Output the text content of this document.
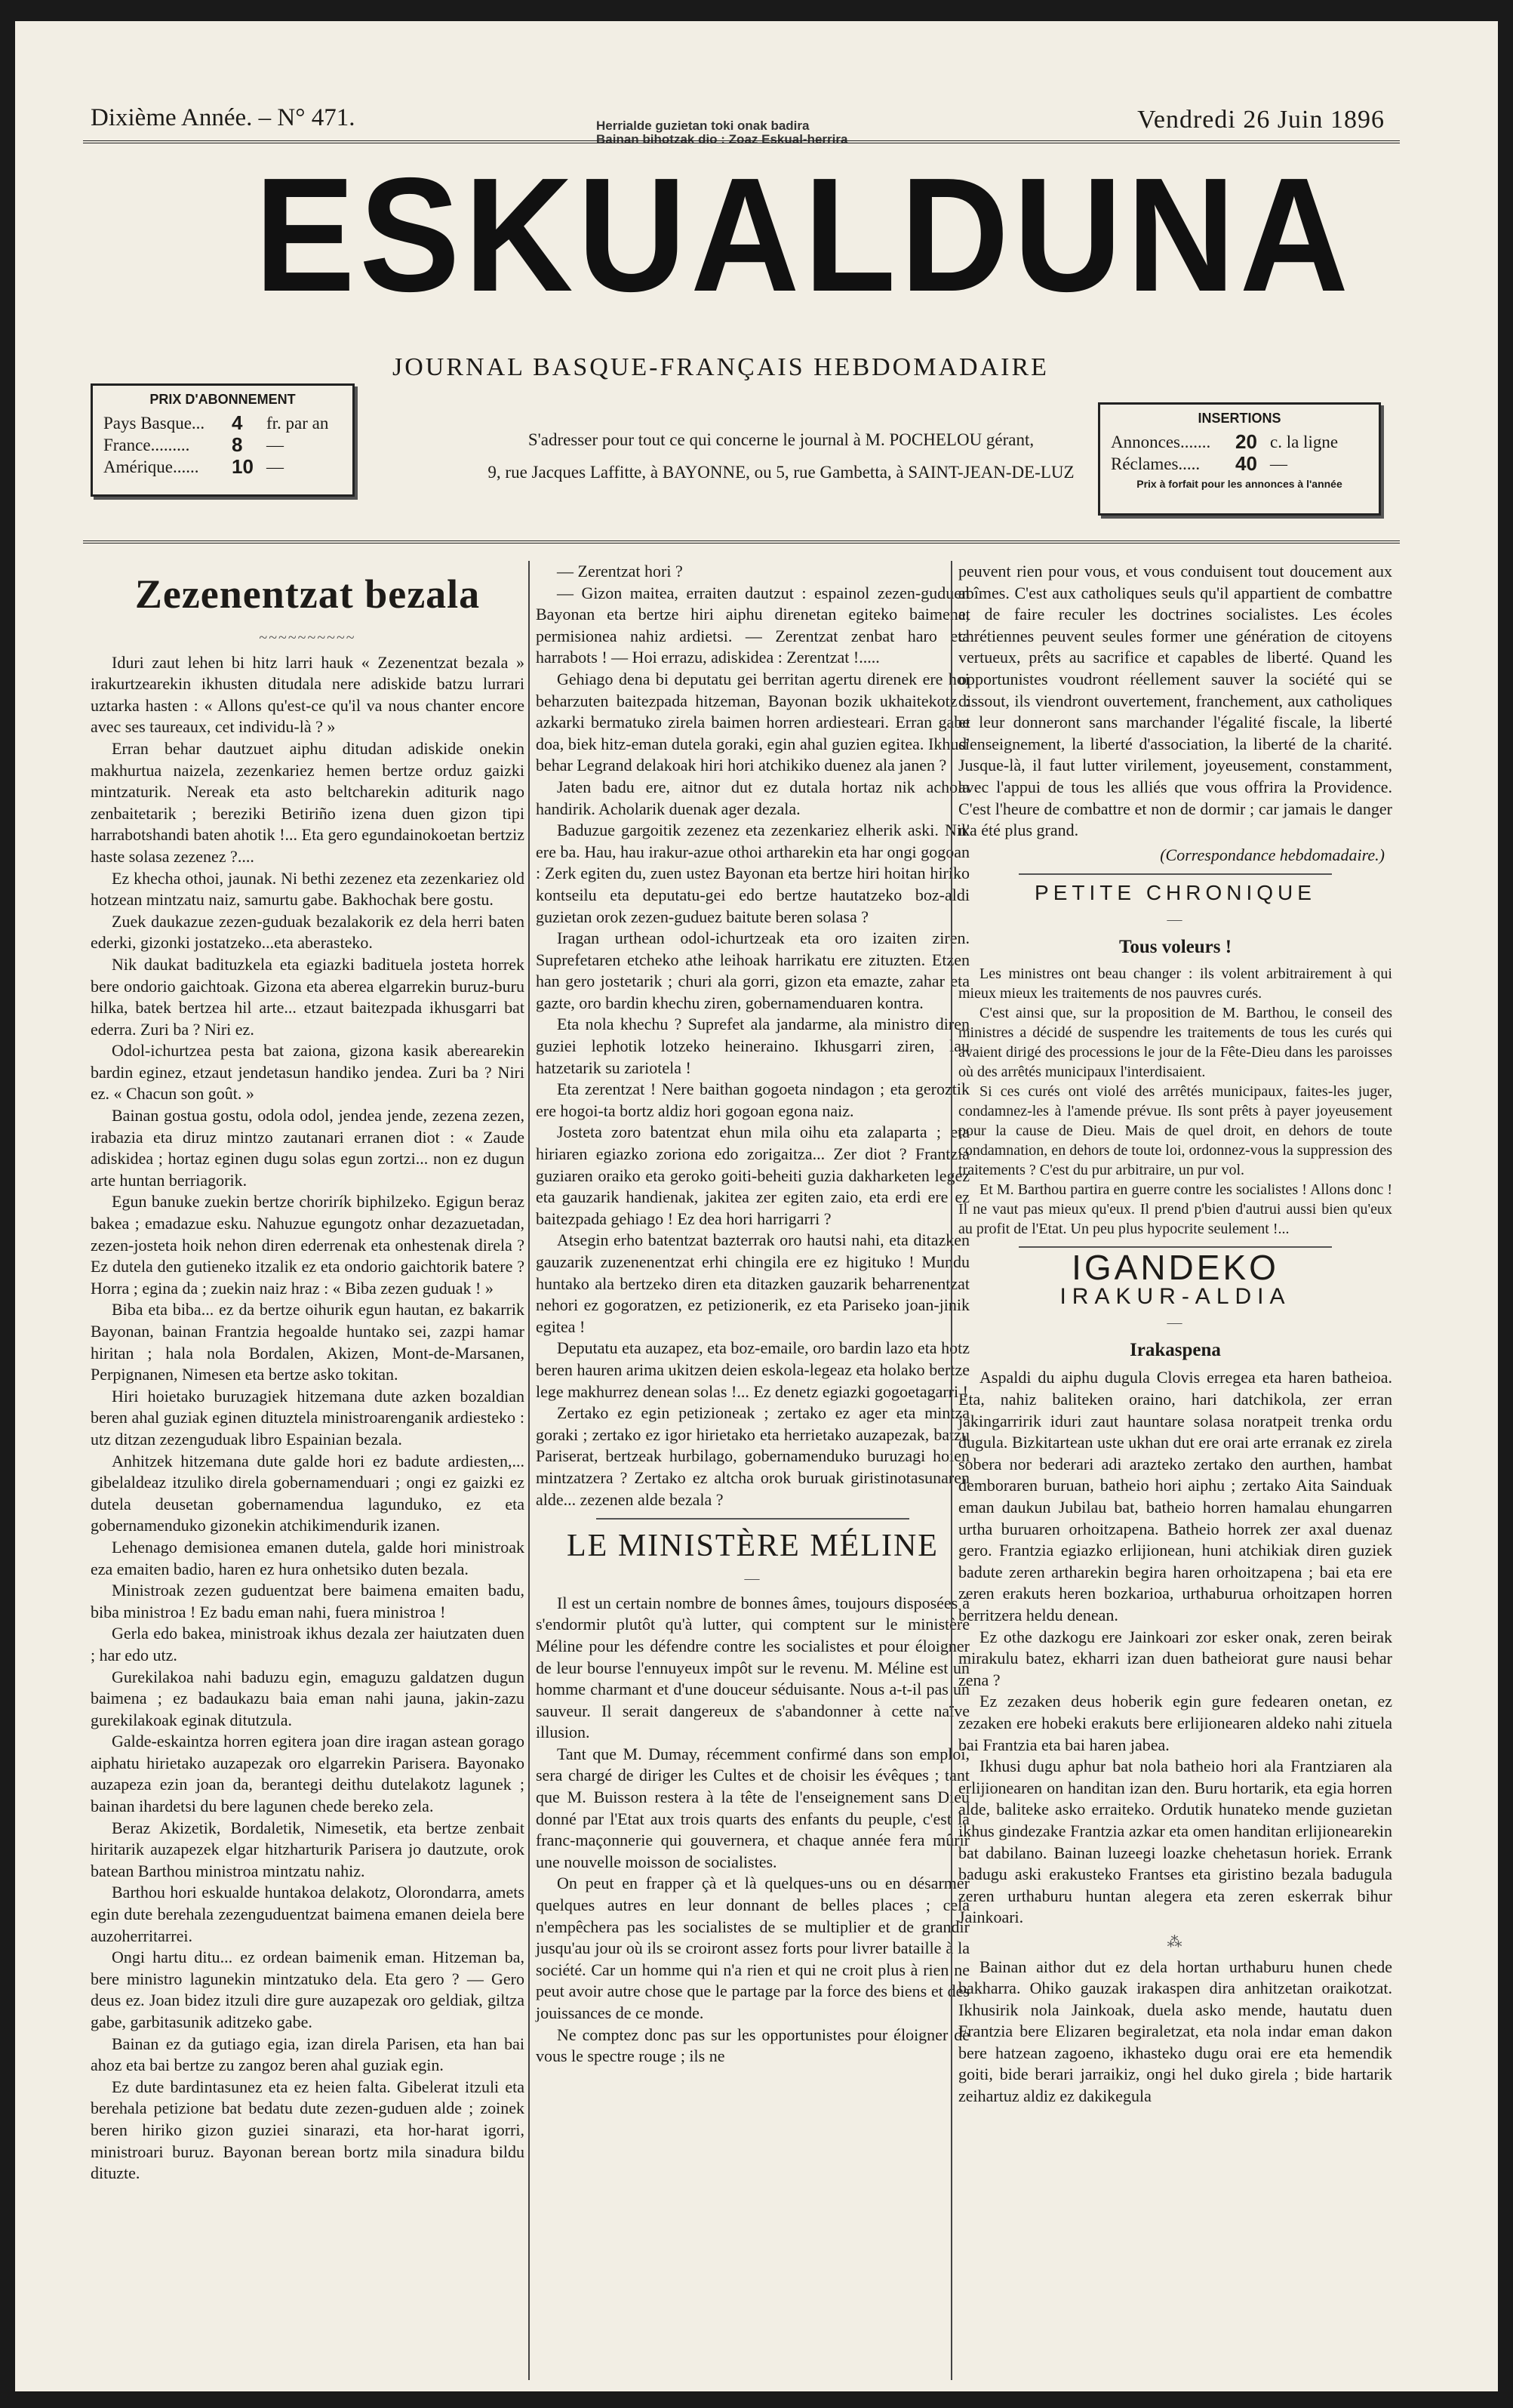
Dixième Année. – N° 471.	Herrialde guzietan toki onak badira
Bainan bihotzak dio : Zoaz Eskual-herrira
Vendredi 26 Juin 1896
ESKUALDUNA
JOURNAL BASQUE-FRANÇAIS HEBDOMADAIRE
PRIX D'ABONNEMENT
Pays Basque...	4	fr. par an
France.........	8	—
Amérique......	10 —
S'adresser pour tout ce qui concerne le journal à M. POCHELOU gérant,
9, rue Jacques Laffitte, à BAYONNE, ou 5, rue Gambetta, à SAINT-JEAN-DE-LUZ
INSERTIONS
Annonces.......	20 c. la ligne
Réclames.....	40 —
Prix à forfait pour les annonces à l'année
Zezenentzat bezala
~~~~~~~~~~

Iduri zaut lehen bi hitz larri hauk « Zezenentzat bezala » irakurtzearekin ikhusten ditudala nere adiskide batzu lurrari uztarka hasten : « Allons qu'est-ce qu'il va nous chanter encore avec ses taureaux, cet individu-là ? »

Erran behar dautzuet aiphu ditudan adiskide onekin makhurtua naizela, zezenkariez hemen bertze orduz gaizki mintzaturik. Nereak eta asto beltcharekin aditurik nago zenbaitetarik ; bereziki Betiriño izena duen gizon tipi harrabotshandi baten ahotik !... Eta gero egundainokoetan bertziz haste solasa zezenez ?....

Ez khecha othoi, jaunak. Ni bethi zezenez eta zezenkariez old hotzean mintzatu naiz, samurtu gabe. Bakhochak bere gostu.

Zuek daukazue zezen-guduak bezalakorik ez dela herri baten ederki, gizonki jostatzeko...eta aberasteko.

Nik daukat badituzkela eta egiazki badituela josteta horrek bere ondorio gaichtoak. Gizona eta aberea elgarrekin buruz-buru hilka, batek bertzea hil arte... etzaut baitezpada ikhusgarri bat ederra. Zuri ba ? Niri ez.

Odol-ichurtzea pesta bat zaiona, gizona kasik aberearekin bardin eginez, etzaut jendetasun handiko jendea. Zuri ba ? Niri ez. « Chacun son goût. »

Bainan gostua gostu, odola odol, jendea jende, zezena zezen, irabazia eta diruz mintzo zautanari erranen diot : « Zaude adiskidea ; hortaz eginen dugu solas egun zortzi... non ez dugun arte huntan berriagorik.

Egun banuke zuekin bertze chorirík biphilzeko. Egigun beraz bakea ; emadazue esku. Nahuzue egungotz onhar dezazuetadan, zezen-josteta hoik nehon diren ederrenak eta onhestenak direla ? Ez dutela den gutieneko itzalik ez eta ondorio gaichtorik batere ? Horra ; egina da ; zuekin naiz hraz : « Biba zezen guduak ! »

Biba eta biba... ez da bertze oihurik egun hautan, ez bakarrik Bayonan, bainan Frantzia hegoalde huntako sei, zazpi hamar hiritan ; hala nola Bordalen, Akizen, Mont-de-Marsanen, Perpignanen, Nimesen eta bertze asko tokitan.

Hiri hoietako buruzagiek hitzemana dute azken bozaldian beren ahal guziak eginen dituztela ministroarenganik ardiesteko : utz ditzan zezenguduak libro Espainian bezala.

Anhitzek hitzemana dute galde hori ez badute ardiesten,... gibelaldeaz itzuliko direla gobernamenduari ; ongi ez gaizki ez dutela deusetan gobernamendua lagunduko, ez eta gobernamenduko gizonekin atchikimendurik izanen.

Lehenago demisionea emanen dutela, galde hori ministroak eza emaiten badio, haren ez hura onhetsiko duten bezala.

Ministroak zezen guduentzat bere baimena emaiten badu, biba ministroa ! Ez badu eman nahi, fuera ministroa !

Gerla edo bakea, ministroak ikhus dezala zer haiutzaten duen ; har edo utz.

Gurekilakoa nahi baduzu egin, emaguzu galdatzen dugun baimena ; ez badaukazu baia eman nahi jauna, jakin-zazu gurekilakoak eginak ditutzula.

Galde-eskaintza horren egitera joan dire iragan astean gorago aiphatu hirietako auzapezak oro elgarrekin Parisera. Bayonako auzapeza ezin joan da, berantegi deithu dutelakotz lagunek ; bainan ihardetsi du bere lagunen chede bereko zela.

Beraz Akizetik, Bordaletik, Nimesetik, eta bertze zenbait hiritarik auzapezek elgar hitzharturik Parisera jo dautzute, orok batean Barthou ministroa mintzatu nahiz.

Barthou hori eskualde huntakoa delakotz, Olorondarra, amets egin dute berehala zezenguduentzat baimena emanen deiela bere auzoherritarrei.

Ongi hartu ditu... ez ordean baimenik eman. Hitzeman ba, bere ministro lagunekin mintzatuko dela. Eta gero ? — Gero deus ez. Joan bidez itzuli dire gure auzapezak oro geldiak, giltza gabe, garbitasunik aditzeko gabe.

Bainan ez da gutiago egia, izan direla Parisen, eta han bai ahoz eta bai bertze zu zangoz beren ahal guziak egin.

Ez dute bardintasunez eta ez heien falta. Gibelerat itzuli eta berehala petizione bat bedatu dute zezen-guduen alde ; zoinek beren hiriko gizon guziei sinarazi, eta hor-harat igorri, ministroari buruz. Bayonan berean bortz mila sinadura bildu dituzte.

— Zerentzat hori ?

— Gizon maitea, erraiten dautzut : espainol zezen-guduen Bayonan eta bertze hiri aiphu direnetan egiteko baimena, permisionea nahiz ardietsi. — Zerentzat zenbat haro eta harrabots ! — Hoi errazu, adiskidea : Zerentzat !.....

Gehiago dena bi deputatu gei berritan agertu direnek ere hoi beharzuten baitezpada hitzeman, Bayonan bozik ukhaitekotz : azkarki bermatuko zirela baimen horren ardiesteari. Erran gabe doa, biek hitz-eman dutela goraki, egin ahal guzien egitea. Ikhusi behar Legrand delakoak hiri hori atchikiko duenez ala janen ?

Jaten badu ere, aitnor dut ez dutala hortaz nik achola handirik. Acholarik duenak ager dezala.

Baduzue gargoitik zezenez eta zezenkariez elherik aski. Nik ere ba. Hau, hau irakur-azue othoi artharekin eta har ongi gogoan : Zerk egiten du, zuen ustez Bayonan eta bertze hiri hoitan hiriko kontseilu eta deputatu-gei edo bertze hautatzeko boz-aldi guzietan orok zezen-guduez baitute beren solasa ?

Iragan urthean odol-ichurtzeak eta oro izaiten ziren. Suprefetaren etcheko athe leihoak harrikatu ere zituzten. Etzen han gero jostetarik ; churi ala gorri, gizon eta emazte, zahar eta gazte, oro bardin khechu ziren, gobernamenduaren kontra.

Eta nola khechu ? Suprefet ala jandarme, ala ministro diren guziei lephotik lotzeko heineraino. Ikhusgarri ziren, lau hatzetarik su zariotela !

Eta zerentzat ! Nere baithan gogoeta nindagon ; eta geroztik ere hogoi-ta bortz aldiz hori gogoan egona naiz.

Josteta zoro batentzat ehun mila oihu eta zalaparta ; eta hiriaren egiazko zoriona edo zorigaitza... Zer diot ? Frantzia guziaren oraiko eta geroko goiti-beheiti guzia dakharketen legez eta gauzarik handienak, jakitea zer egiten zaio, eta erdi ere ez baitezpada gehiago ! Ez dea hori harrigarri ?

Atsegin erho batentzat bazterrak oro hautsi nahi, eta ditazken gauzarik zuzenenentzat erhi chingila ere ez higituko ! Mundu huntako ala bertzeko diren eta ditazken gauzarik beharrenentzat nehori ez gogoratzen, ez petizionerik, ez eta Pariseko joan-jinik egitea !

Deputatu eta auzapez, eta boz-emaile, oro bardin lazo eta hotz beren hauren arima ukitzen deien eskola-legeaz eta holako bertze lege makhurrez denean solas !... Ez denetz egiazki gogoetagarri !

Zertako ez egin petizioneak ; zertako ez ager eta mintza goraki ; zertako ez igor hirietako eta herrietako auzapezak, batzu Pariserat, bertzeak hurbilago, gobernamenduko buruzagi hoien mintzatzera ? Zertako ez altcha orok buruak giristinotasunaren alde... zezenen alde bezala ?

LE MINISTÈRE MÉLINE
—

Il est un certain nombre de bonnes âmes, toujours disposées à s'endormir plutôt qu'à lutter, qui comptent sur le ministère Méline pour les défendre contre les socialistes et pour éloigner de leur bourse l'ennuyeux impôt sur le revenu. M. Méline est un homme charmant et d'une douceur séduisante. Nous a-t-il pas un sauveur. Il serait dangereux de s'abandonner à cette naïve illusion.

Tant que M. Dumay, récemment confirmé dans son emploi, sera chargé de diriger les Cultes et de choisir les évêques ; tant que M. Buisson restera à la tête de l'enseignement sans Dieu donné par l'Etat aux trois quarts des enfants du peuple, c'est la franc-maçonnerie qui gouvernera, et chaque année fera mûrir une nouvelle moisson de socialistes.

On peut en frapper çà et là quelques-uns ou en désarmer quelques autres en leur donnant de belles places ; cela n'empêchera pas les socialistes de se multiplier et de grandir jusqu'au jour où ils se croiront assez forts pour livrer bataille à la société. Car un homme qui n'a rien et qui ne croit plus à rien ne peut avoir autre chose que le partage par la force des biens et des jouissances de ce monde.

Ne comptez donc pas sur les opportunistes pour éloigner de vous le spectre rouge ; ils ne

peuvent rien pour vous, et vous conduisent tout doucement aux abîmes. C'est aux catholiques seuls qu'il appartient de combattre et de faire reculer les doctrines socialistes. Les écoles chrétiennes peuvent seules former une génération de citoyens vertueux, prêts au sacrifice et capables de liberté. Quand les opportunistes voudront réellement sauver la société qui se dissout, ils viendront ouvertement, franchement, aux catholiques et leur donneront sans marchander l'égalité fiscale, la liberté d'enseignement, la liberté d'association, la liberté de la charité. Jusque-là, il faut lutter virilement, joyeusement, constamment, avec l'appui de tous les alliés que vous offrira la Providence. C'est l'heure de combattre et non de dormir ; car jamais le danger n'a été plus grand.

(Correspondance hebdomadaire.)
PETITE CHRONIQUE
—
Tous voleurs !

Les ministres ont beau changer : ils volent arbitrairement à qui mieux mieux les traitements de nos pauvres curés.

C'est ainsi que, sur la proposition de M. Barthou, le conseil des ministres a décidé de suspendre les traitements de tous les curés qui avaient dirigé des processions le jour de la Fête-Dieu dans les paroisses où des arrêtés municipaux l'interdisaient.

Si ces curés ont violé des arrêtés municipaux, faites-les juger, condamnez-les à l'amende prévue. Ils sont prêts à payer joyeusement pour la cause de Dieu. Mais de quel droit, en dehors de toute condamnation, en dehors de toute loi, ordonnez-vous la suppression des traitements ? C'est du pur arbitraire, un pur vol.

Et M. Barthou partira en guerre contre les socialistes ! Allons donc ! Il ne vaut pas mieux qu'eux. Il prend p'bien d'autrui aussi bien qu'eux au profit de l'Etat. Un peu plus hypocrite seulement !...

IGANDEKO
IRAKUR-ALDIA
—
Irakaspena

Aspaldi du aiphu dugula Clovis erregea eta haren batheioa. Eta, nahiz baliteken oraino, hari datchikola, zer erran jakingarririk iduri zaut hauntare solasa noratpeit trenka ordu dugula. Bizkitartean uste ukhan dut ere orai arte erranak ez zirela sobera nor bederari adi arazteko zertako den aurthen, hambat demboraren buruan, batheio hori aiphu ; zertako Aita Sainduak eman daukun Jubilau bat, batheio horren hamalau ehungarren urtha buruaren orhoitzapena. Batheio horrek zer axal duenaz gero. Frantzia egiazko erlijionean, huni atchikiak diren guziek badute zeren artharekin begira haren orhoitzapena ; bai eta ere zeren erakuts heren bozkarioa, urthaburua orhoitzapen horren berritzera heldu denean.

Ez othe dazkogu ere Jainkoari zor esker onak, zeren beirak mirakulu batez, ekharri izan duen batheiorat gure nausi behar zena ?

Ez zezaken deus hoberik egin gure fedearen onetan, ez zezaken ere hobeki erakuts bere erlijionearen aldeko nahi zituela bai Frantzia eta bai haren jabea.

Ikhusi dugu aphur bat nola batheio hori ala Frantziaren ala erlijionearen on handitan izan den. Buru hortarik, eta egia horren alde, baliteke asko erraiteko. Ordutik hunateko mende guzietan ikhus gindezake Frantzia azkar eta omen handitan erlijionearekin bat dabilano. Bainan luzeegi loazke chehetasun horiek. Errank badugu aski erakusteko Frantses eta giristino bezala badugula zeren urthaburu huntan alegera eta zeren eskerrak bihur Jainkoari.

⁂

Bainan aithor dut ez dela hortan urthaburu hunen chede bakharra. Ohiko gauzak irakaspen dira anhitzetan oraikotzat. Ikhusirik nola Jainkoak, duela asko mende, hautatu duen Frantzia bere Elizaren begiraletzat, eta nola indar eman dakon bere hatzean zagoeno, ikhasteko dugu orai ere eta hemendik goiti, bide berari jarraikiz, ongi hel duko girela ; bide hartarik zeihartuz aldiz ez dakikegula
